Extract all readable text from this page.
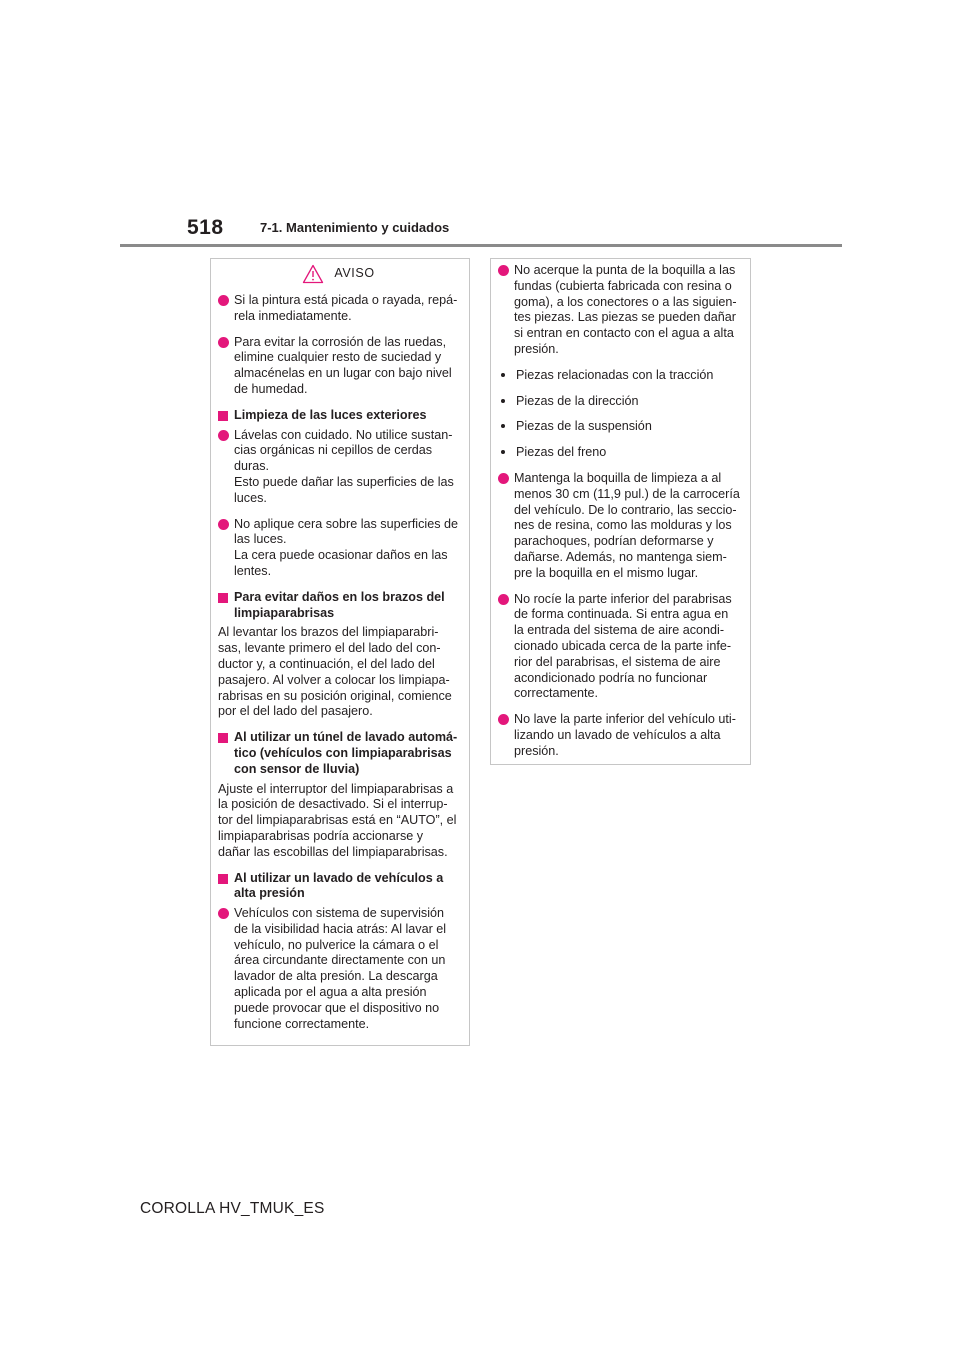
518	7-1. Mantenimiento y cuidados
AVISO
Si la pintura está picada o rayada, repá-
rela inmediatamente.
Para evitar la corrosión de las ruedas,
elimine cualquier resto de suciedad y
almacénelas en un lugar con bajo nivel
de humedad.
Limpieza de las luces exteriores
Lávelas con cuidado. No utilice sustan-
cias orgánicas ni cepillos de cerdas
duras.
Esto puede dañar las superficies de las
luces.
No aplique cera sobre las superficies de
las luces.
La cera puede ocasionar daños en las
lentes.
Para evitar daños en los brazos del
limpiaparabrisas
Al levantar los brazos del limpiaparabri-
sas, levante primero el del lado del con-
ductor y, a continuación, el del lado del
pasajero. Al volver a colocar los limpiapa-
rabrisas en su posición original, comience
por el del lado del pasajero.
Al utilizar un túnel de lavado automá-
tico (vehículos con limpiaparabrisas
con sensor de lluvia)
Ajuste el interruptor del limpiaparabrisas a
la posición de desactivado. Si el interrup-
tor del limpiaparabrisas está en “AUTO”, el
limpiaparabrisas podría accionarse y
dañar las escobillas del limpiaparabrisas.
Al utilizar un lavado de vehículos a
alta presión
Vehículos con sistema de supervisión
de la visibilidad hacia atrás: Al lavar el
vehículo, no pulverice la cámara o el
área circundante directamente con un
lavador de alta presión. La descarga
aplicada por el agua a alta presión
puede provocar que el dispositivo no
funcione correctamente.
No acerque la punta de la boquilla a las
fundas (cubierta fabricada con resina o
goma), a los conectores o a las siguien-
tes piezas. Las piezas se pueden dañar
si entran en contacto con el agua a alta
presión.
Piezas relacionadas con la tracción
Piezas de la dirección
Piezas de la suspensión
Piezas del freno
Mantenga la boquilla de limpieza a al
menos 30 cm (11,9 pul.) de la carrocería
del vehículo. De lo contrario, las seccio-
nes de resina, como las molduras y los
parachoques, podrían deformarse y
dañarse. Además, no mantenga siem-
pre la boquilla en el mismo lugar.
No rocíe la parte inferior del parabrisas
de forma continuada. Si entra agua en
la entrada del sistema de aire acondi-
cionado ubicada cerca de la parte infe-
rior del parabrisas, el sistema de aire
acondicionado podría no funcionar
correctamente.
No lave la parte inferior del vehículo uti-
lizando un lavado de vehículos a alta
presión.
COROLLA HV_TMUK_ES
